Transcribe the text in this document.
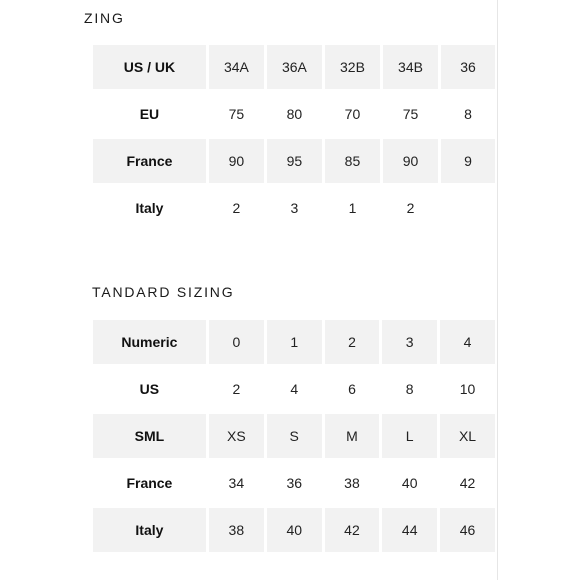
ZING
US / UK	34A	36A	32B	34B	36
EU	75	80	70	75	8
France	90	95	85	90	9
Italy	2	3	1	2	
TANDARD SIZING
Numeric	0	1	2	3	4
US	2	4	6	8	10
SML	XS	S	M	L	XL
France	34	36	38	40	42
Italy	38	40	42	44	46
